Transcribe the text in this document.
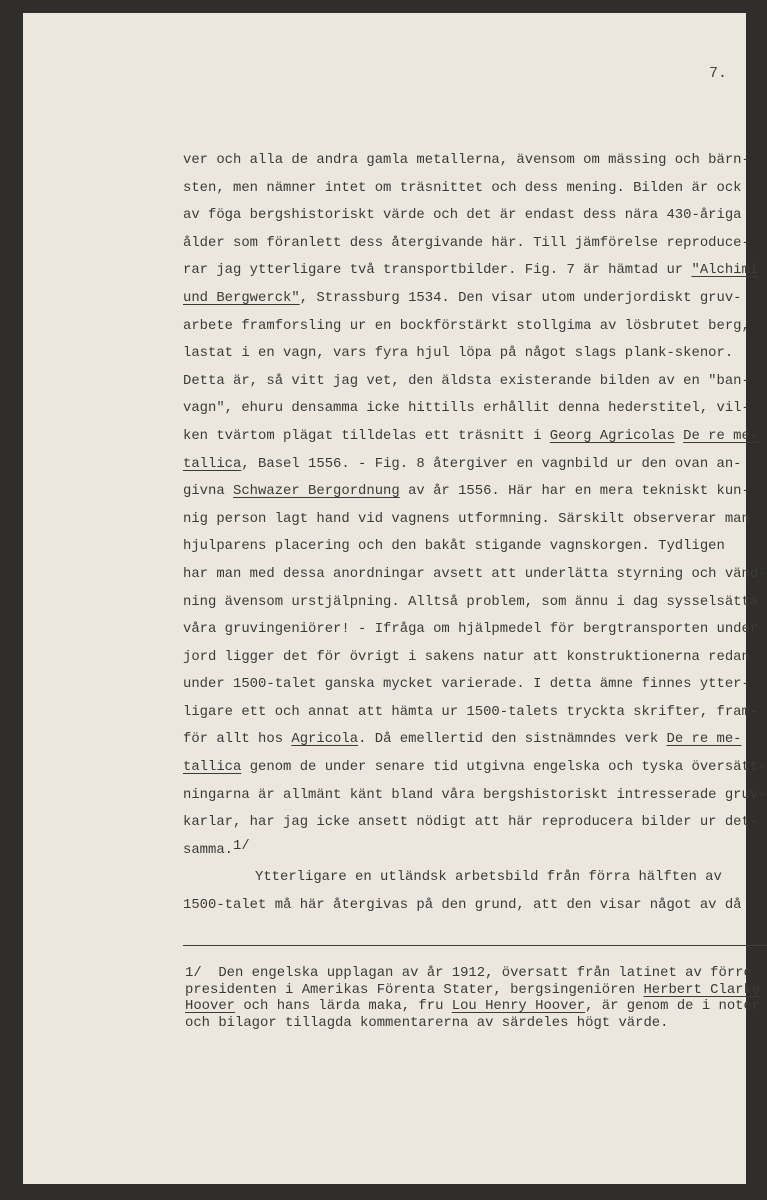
7.
ver och alla de andra gamla metallerna, ävensom om mässing och bärn-
sten, men nämner intet om träsnittet och dess mening. Bilden är ock
av föga bergshistoriskt värde och det är endast dess nära 430-åriga
ålder som föranlett dess återgivande här. Till jämförelse reproduce-
rar jag ytterligare två transportbilder. Fig. 7 är hämtad ur "Alchimi
und Bergwerck", Strassburg 1534. Den visar utom underjordiskt gruv-
arbete framforsling ur en bockförstärkt stollgima av lösbrutet berg,
lastat i en vagn, vars fyra hjul löpa på något slags plank-skenor.
Detta är, så vitt jag vet, den äldsta existerande bilden av en "ban-
vagn", ehuru densamma icke hittills erhållit denna hederstitel, vil-
ken tvärtom plägat tilldelas ett träsnitt i Georg Agricolas De re me-
tallica, Basel 1556. - Fig. 8 återgiver en vagnbild ur den ovan an-
givna Schwazer Bergordnung av år 1556. Här har en mera tekniskt kun-
nig person lagt hand vid vagnens utformning. Särskilt observerar man
hjulparens placering och den bakåt stigande vagnskorgen. Tydligen
har man med dessa anordningar avsett att underlätta styrning och vänd-
ning ävensom urstjälpning. Alltså problem, som ännu i dag sysselsätta
våra gruvingeniörer! - Ifråga om hjälpmedel för bergtransporten under
jord ligger det för övrigt i sakens natur att konstruktionerna redan
under 1500-talet ganska mycket varierade. I detta ämne finnes ytter-
ligare ett och annat att hämta ur 1500-talets tryckta skrifter, fram-
för allt hos Agricola. Då emellertid den sistnämndes verk De re me-
tallica genom de under senare tid utgivna engelska och tyska översätt-
ningarna är allmänt känt bland våra bergshistoriskt intresserade gruv-
karlar, har jag icke ansett nödigt att här reproducera bilder ur det-
samma.1/
Ytterligare en utländsk arbetsbild från förra hälften av
1500-talet må här återgivas på den grund, att den visar något av då
1/  Den engelska upplagan av år 1912, översatt från latinet av förre
presidenten i Amerikas Förenta Stater, bergsingeniören Herbert Clarke
Hoover och hans lärda maka, fru Lou Henry Hoover, är genom de i noter
och bilagor tillagda kommentarerna av särdeles högt värde.
